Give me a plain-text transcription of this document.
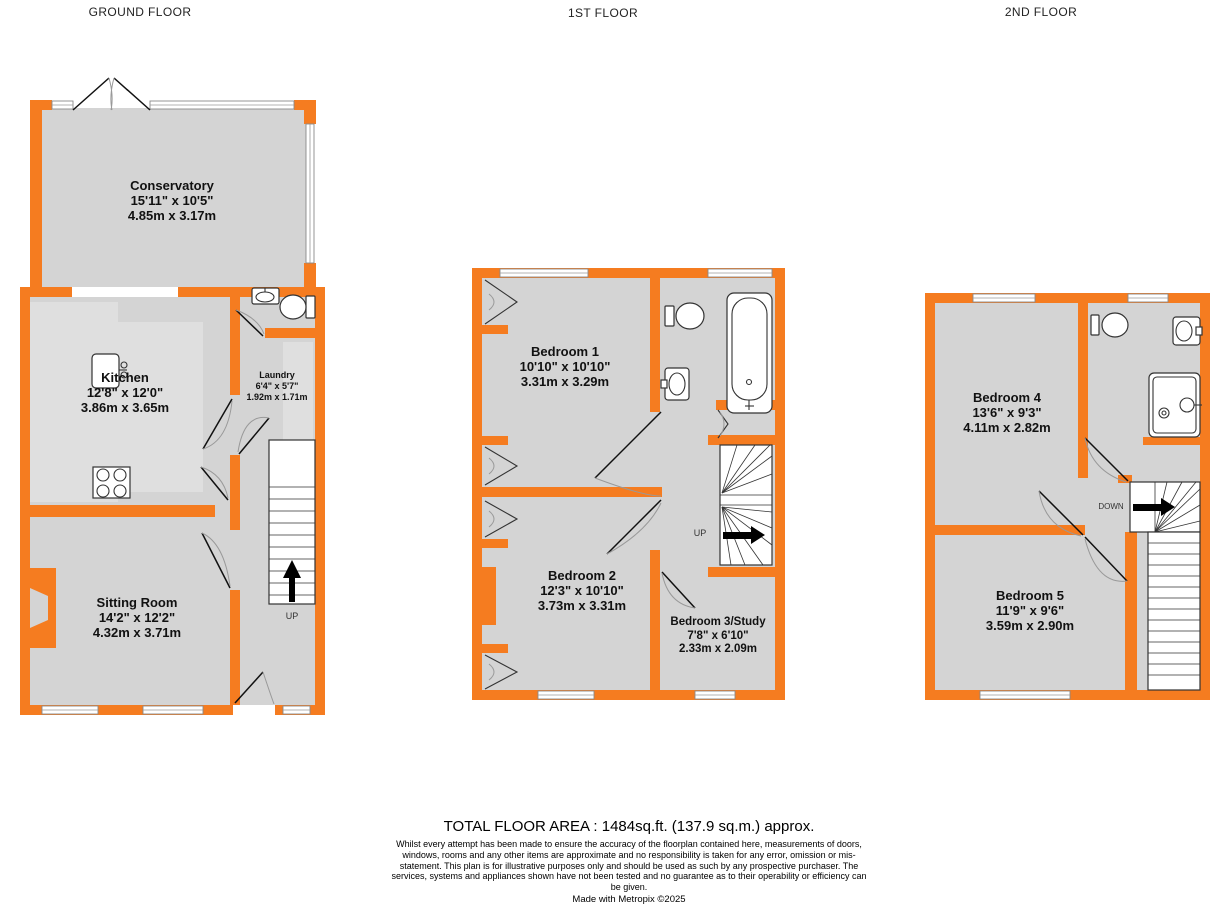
GROUND FLOOR	1ST FLOOR	2ND FLOOR
Conservatory
15'11" x 10'5"
4.85m x 3.17m
Kitchen
12'8" x 12'0"
3.86m x 3.65m
Laundry
6'4" x 5'7"
1.92m x 1.71m
Sitting Room
14'2" x 12'2"
4.32m x 3.71m
UP
Bedroom 1
10'10" x 10'10"
3.31m x 3.29m
Bedroom 2
12'3" x 10'10"
3.73m x 3.31m
Bedroom 3/Study
7'8" x 6'10"
2.33m x 2.09m
UP
Bedroom 4
13'6" x 9'3"
4.11m x 2.82m
Bedroom 5
11'9" x 9'6"
3.59m x 2.90m
DOWN
TOTAL FLOOR AREA : 1484sq.ft. (137.9 sq.m.) approx.
Whilst every attempt has been made to ensure the accuracy of the floorplan contained here, measurements of doors, windows, rooms and any other items are approximate and no responsibility is taken for any error, omission or mis-statement. This plan is for illustrative purposes only and should be used as such by any prospective purchaser. The services, systems and appliances shown have not been tested and no guarantee as to their operability or efficiency can be given.
Made with Metropix ©2025
